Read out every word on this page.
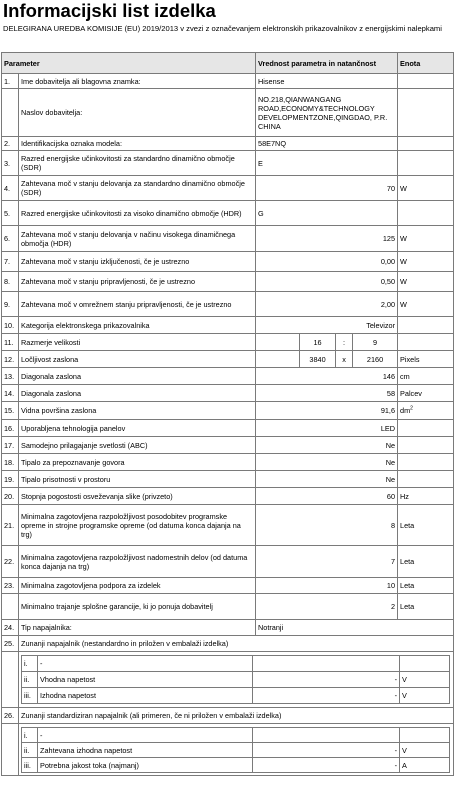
Informacijski list izdelka
DELEGIRANA UREDBA KOMISIJE (EU) 2019/2013 v zvezi z označevanjem elektronskih prikazovalnikov z energijskimi nalepkami
Parameter	Vrednost parametra in natančnost	Enota
1.	Ime dobavitelja ali blagovna znamka:	Hisense	
	Naslov dobavitelja:	NO.218,QIANWANGANG ROAD,ECONOMY&TECHNOLOGY DEVELOPMENTZONE,QINGDAO, P.R. CHINA	
2.	Identifikacijska oznaka modela:	58E7NQ	
3.	Razred energijske učinkovitosti za standardno dinamično območje (SDR)	E	
4.	Zahtevana moč v stanju delovanja za standardno dinamično območje (SDR)	70	W
5.	Razred energijske učinkovitosti za visoko dinamično območje (HDR)	G	
6.	Zahtevana moč v stanju delovanja v načinu visokega dinamičnega območja (HDR)	125	W
7.	Zahtevana moč v stanju izključenosti, če je ustrezno	0,00	W
8.	Zahtevana moč v stanju pripravljenosti, če je ustrezno	0,50	W
9.	Zahtevana moč v omrežnem stanju pripravljenosti, če je ustrezno	2,00	W
10.	Kategorija elektronskega prikazovalnika	Televizor	
11.	Razmerje velikosti		16	:	9	
12.	Ločljivost zaslona		3840	x	2160	Pixels
13.	Diagonala zaslona	146	cm
14.	Diagonala zaslona	58	Palcev
15.	Vidna površina zaslona	91,6	$dm^2$
16.	Uporabljena tehnologija panelov	LED	
17.	Samodejno prilagajanje svetlosti (ABC)	Ne	
18.	Tipalo za prepoznavanje govora	Ne	
19.	Tipalo prisotnosti v prostoru	Ne	
20.	Stopnja pogostosti osveževanja slike (privzeto)	60	Hz
21.	Minimalna zagotovljena razpoložljivost posodobitev programske opreme in strojne programske opreme (od datuma konca dajanja na trg)	8	Leta
22.	Minimalna zagotovljena razpoložljivost nadomestnih delov (od datuma konca dajanja na trg)	7	Leta
23.	Minimalna zagotovljena podpora za izdelek	10	Leta
	Minimalno trajanje splošne garancije, ki jo ponuja dobavitelj	2	Leta
24.	Tip napajalnika:	Notranji
25.	Zunanji napajalnik (nestandardno in priložen v embalaži izdelka)

i.	-		
ii.	Vhodna napetost	-	V
iii.	Izhodna napetost	-	V

26.	Zunanji standardiziran napajalnik (ali primeren, če ni priložen v embalaži izdelka)

i.	-		
ii.	Zahtevana izhodna napetost	-	V
iii.	Potrebna jakost toka (najmanj)	-	A
